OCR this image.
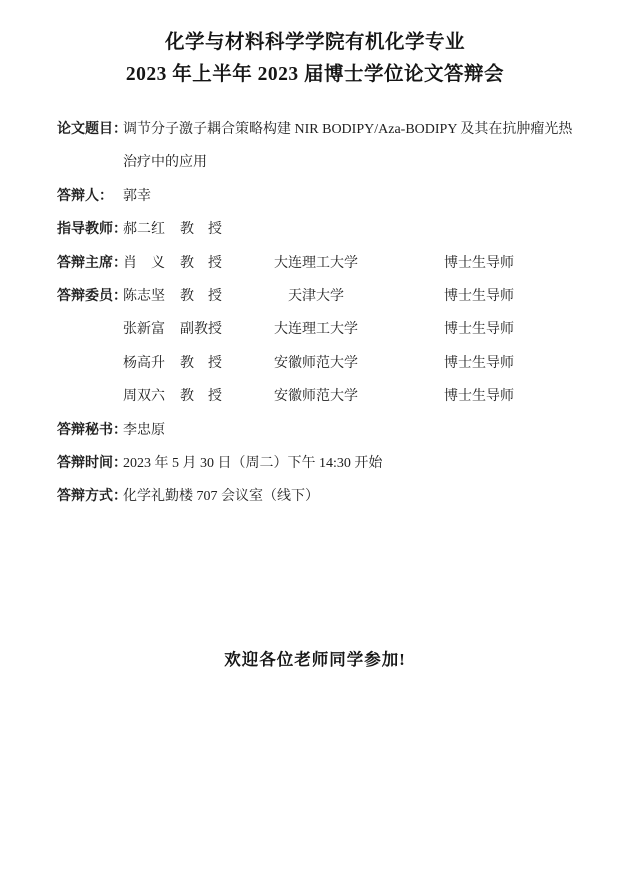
化学与材料科学学院有机化学专业
2023 年上半年 2023 届博士学位论文答辩会
论文题目：
调节分子激子耦合策略构建 NIR BODIPY/Aza-BODIPY 及其在抗肿瘤光热治疗中的应用
答辩人： 郭幸
指导教师：
郝二红	教　授
答辩主席：
肖　义	教　授	大连理工大学	博士生导师
答辩委员：
陈志坚	教　授	天津大学	博士生导师
张新富	副教授	大连理工大学	博士生导师
杨高升	教　授	安徽师范大学	博士生导师
周双六	教　授	安徽师范大学	博士生导师
答辩秘书：
李忠原
答辩时间：
2023 年 5 月 30 日（周二）下午 14:30 开始
答辩方式：
化学礼勤楼 707 会议室（线下）
欢迎各位老师同学参加!
